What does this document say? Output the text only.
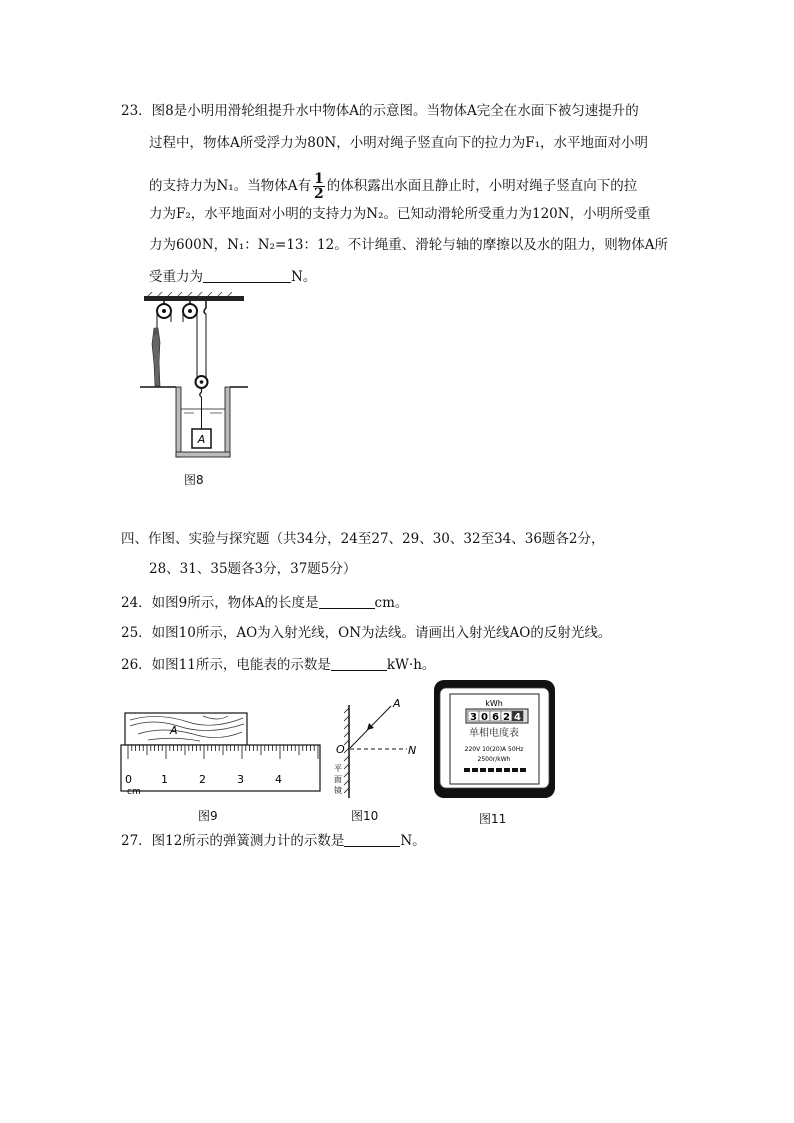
23．图8是小明用滑轮组提升水中物体A的示意图。当物体A完全在水面下被匀速提升的
过程中，物体A所受浮力为80N，小明对绳子竖直向下的拉力为F₁，水平地面对小明
的支持力为N₁。当物体A有 $\frac{1}{2}$ 的体积露出水面且静止时，小明对绳子竖直向下的拉
力为F₂，水平地面对小明的支持力为N₂。已知动滑轮所受重力为120N，小明所受重
力为600N，N₁：N₂=13：12。不计绳重、滑轮与轴的摩擦以及水的阻力，则物体A所
受重力为	N。
A
图8
四、作图、实验与探究题（共34分，24至27、29、30、32至34、36题各2分，
28、31、35题各3分，37题5分）
24．如图9所示，物体A的长度是	cm。
25．如图10所示，AO为入射光线，ON为法线。请画出入射光线AO的反射光线。
26．如图11所示，电能表的示数是	kW·h。
A
0	1	2	3	4
cm
图9
A
O	N
平
面
镜
图10
kWh
3 0 6 2 4
单相电度表
220V 10(20)A 50Hz
2500r/kWh
图11
27．图12所示的弹簧测力计的示数是	N。
